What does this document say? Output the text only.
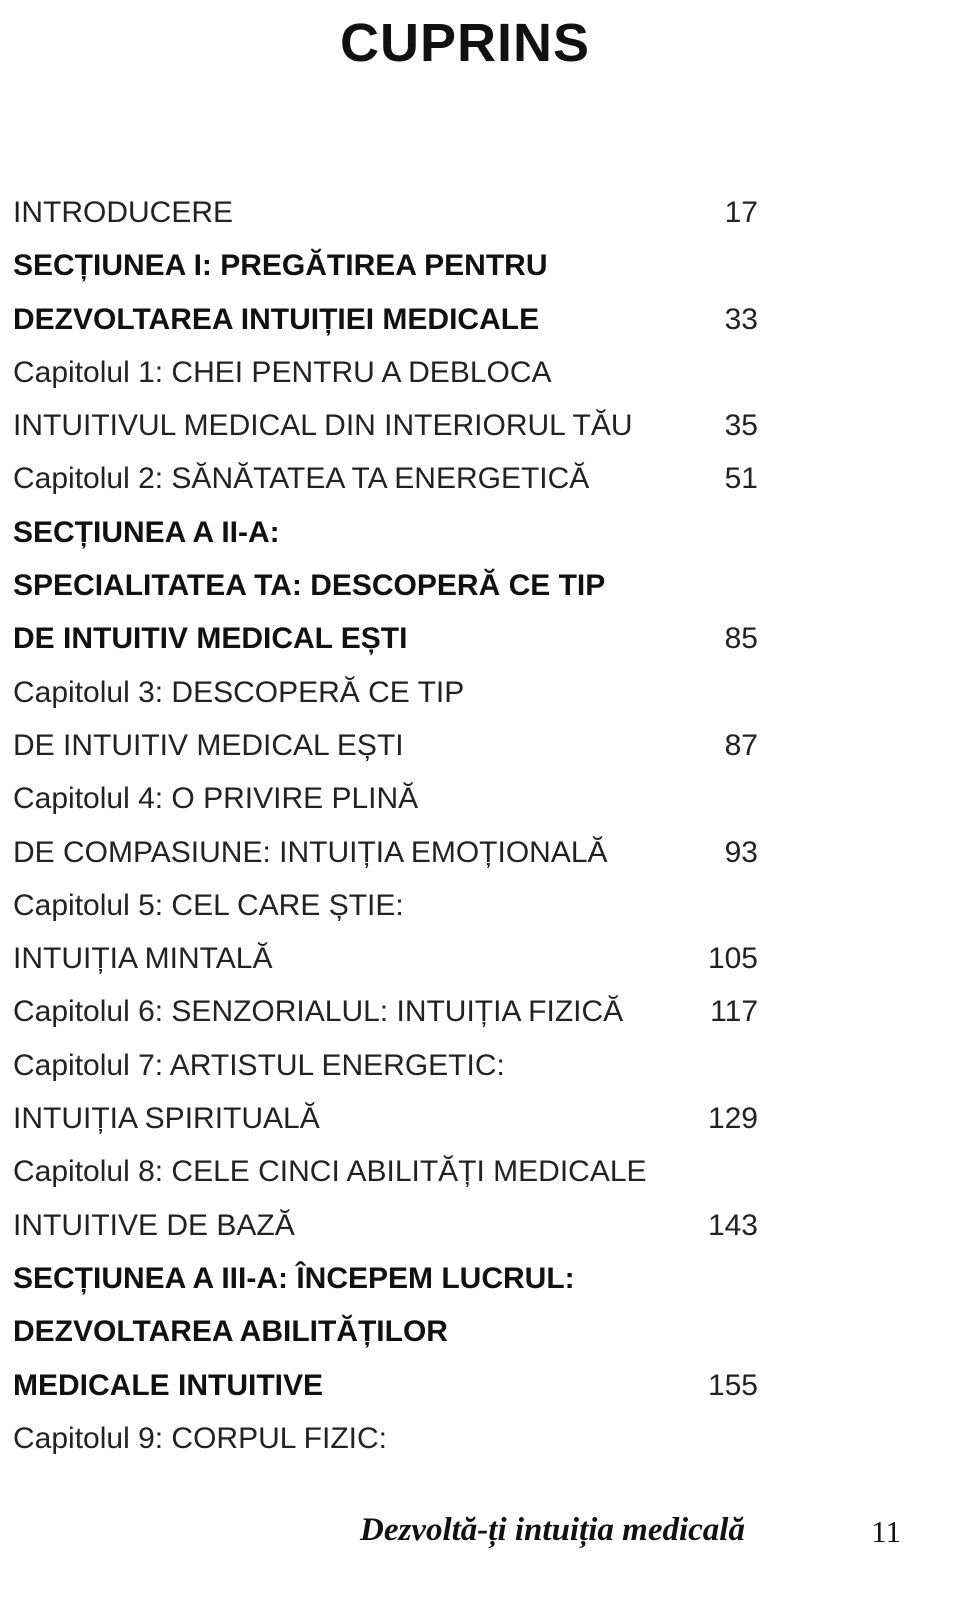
CUPRINS
INTRODUCERE	17
SECȚIUNEA I: PREGĂTIREA PENTRU
DEZVOLTAREA INTUIȚIEI MEDICALE	33
Capitolul 1: CHEI PENTRU A DEBLOCA
INTUITIVUL MEDICAL DIN INTERIORUL TĂU	35
Capitolul 2: SĂNĂTATEA TA ENERGETICĂ	51
SECȚIUNEA A II-A:
SPECIALITATEA TA: DESCOPERĂ CE TIP
DE INTUITIV MEDICAL EȘTI	85
Capitolul 3: DESCOPERĂ CE TIP
DE INTUITIV MEDICAL EȘTI	87
Capitolul 4: O PRIVIRE PLINĂ
DE COMPASIUNE: INTUIȚIA EMOȚIONALĂ	93
Capitolul 5: CEL CARE ȘTIE:
INTUIȚIA MINTALĂ	105
Capitolul 6: SENZORIALUL: INTUIȚIA FIZICĂ	117
Capitolul 7: ARTISTUL ENERGETIC:
INTUIȚIA SPIRITUALĂ	129
Capitolul 8: CELE CINCI ABILITĂȚI MEDICALE
INTUITIVE DE BAZĂ	143
SECȚIUNEA A III-A: ÎNCEPEM LUCRUL:
DEZVOLTAREA ABILITĂȚILOR
MEDICALE INTUITIVE	155
Capitolul 9: CORPUL FIZIC:
Dezvoltă-ți intuiția medicală	11
